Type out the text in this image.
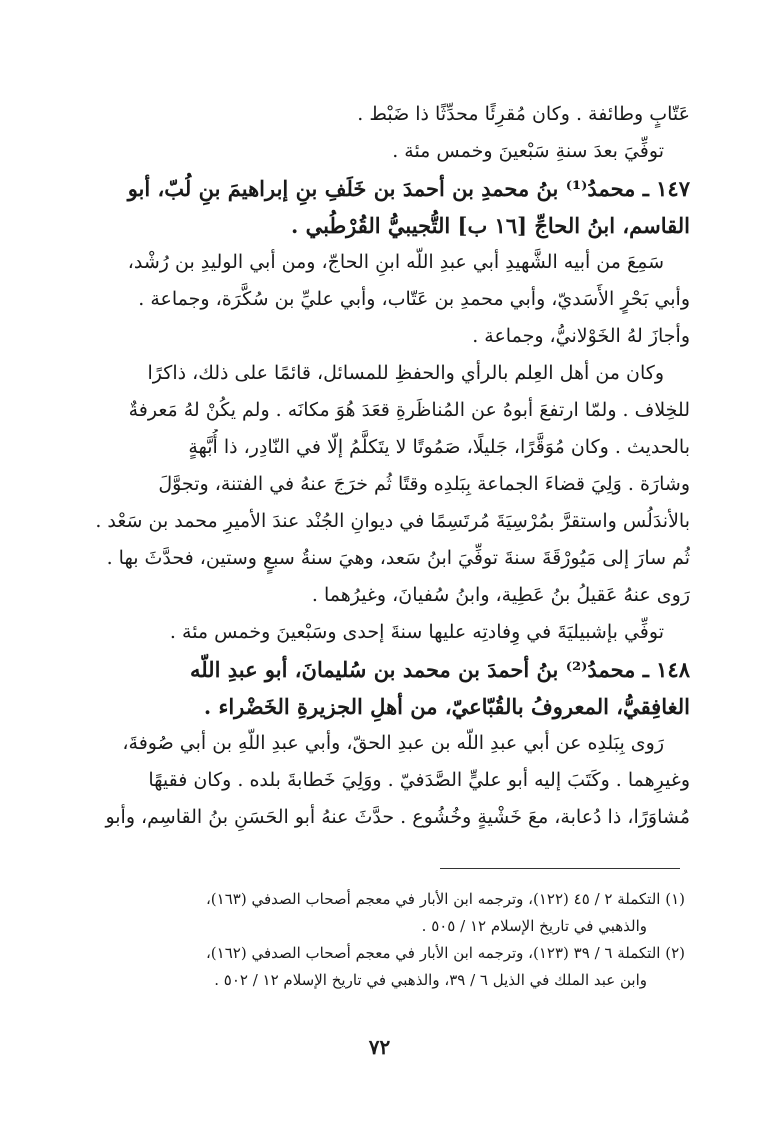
عَتّابٍ وطائفة . وكان مُقرِئًا محدِّثًا ذا ضَبْط .
توفِّيَ بعدَ سنةِ سَبْعينَ وخمس مئة .
١٤٧ ـ محمدُ⁽¹⁾ بنُ محمدِ بن أحمدَ بن خَلَفِ بنِ إبراهيمَ بنِ لُبّ، أبو
القاسم، ابنُ الحاجِّ [١٦ ب] التُّجيبيُّ القُرْطُبي .
سَمِعَ من أبيه الشَّهيدِ أبي عبدِ اللّه ابنِ الحاجّ، ومن أبي الوليدِ بن رُشْد،
وأبي بَحْرٍ الأَسَديّ، وأبي محمدِ بن عَتّاب، وأبي عليِّ بن سُكَّرَة، وجماعة .
وأجازَ لهُ الخَوْلانيُّ، وجماعة .
وكان من أهل العِلم بالرأي والحفظِ للمسائل، قائمًا على ذلك، ذاكرًا
للخِلاف . ولمّا ارتفعَ أبوهُ عن المُناظَرةِ قعَدَ هُوَ مكانَه . ولم يكُنْ لهُ مَعرفةٌ
بالحديث . وكان مُوَقَّرًا، جَليلًا، صَمُوتًا لا يتَكلَّمُ إلّا في النّادِر، ذا أُبَّهةٍ
وشارَة . وَلِيَ قضاءَ الجماعة بِبَلدِه وقتًا ثُم خرَجَ عنهُ في الفتنة، وتجوَّلَ
بالأندَلُس واستقرَّ بمُرْسِيَةَ مُرتَسِمًا في ديوانِ الجُنْد عندَ الأميرِ محمد بن سَعْد .
ثُم سارَ إلى مَيُورْقَةَ سنةَ توفِّيَ ابنُ سَعد، وهيَ سنةُ سبعٍ وستين، فحدَّثَ بها .
رَوى عنهُ عَقيلُ بنُ عَطِية، وابنُ سُفيانَ، وغيرُهما .
توفِّي بإشبيليَةَ في وِفادتِه عليها سنةَ إحدى وسَبْعينَ وخمس مئة .
١٤٨ ـ محمدُ⁽²⁾ بنُ أحمدَ بن محمد بن سُليمانَ، أبو عبدِ اللّه
الغافِقيُّ، المعروفُ بالقُبّاعيّ، من أهلِ الجزيرةِ الخَضْراء .
رَوى بِبَلدِه عن أبي عبدِ اللّه بن عبدِ الحقّ، وأبي عبدِ اللّهِ بن أبي صُوفةَ،
وغيرِهما . وكَتَبَ إليه أبو عليٍّ الصَّدَفيّ . ووَلِيَ خَطابةَ بلده . وكان فقيهًا
مُشاوَرًا، ذا دُعابة، معَ خَشْيةٍ وخُشُوع . حدَّثَ عنهُ أبو الحَسَنِ بنُ القاسِم، وأبو
(١) التكملة ٢ / ٤٥ (١٢٢)، وترجمه ابن الأبار في معجم أصحاب الصدفي (١٦٣)،
والذهبي في تاريخ الإسلام ١٢ / ٥٠٥ .
(٢) التكملة ٦ / ٣٩ (١٢٣)، وترجمه ابن الأبار في معجم أصحاب الصدفي (١٦٢)،
وابن عبد الملك في الذيل ٦ / ٣٩، والذهبي في تاريخ الإسلام ١٢ / ٥٠٢ .
٧٢
